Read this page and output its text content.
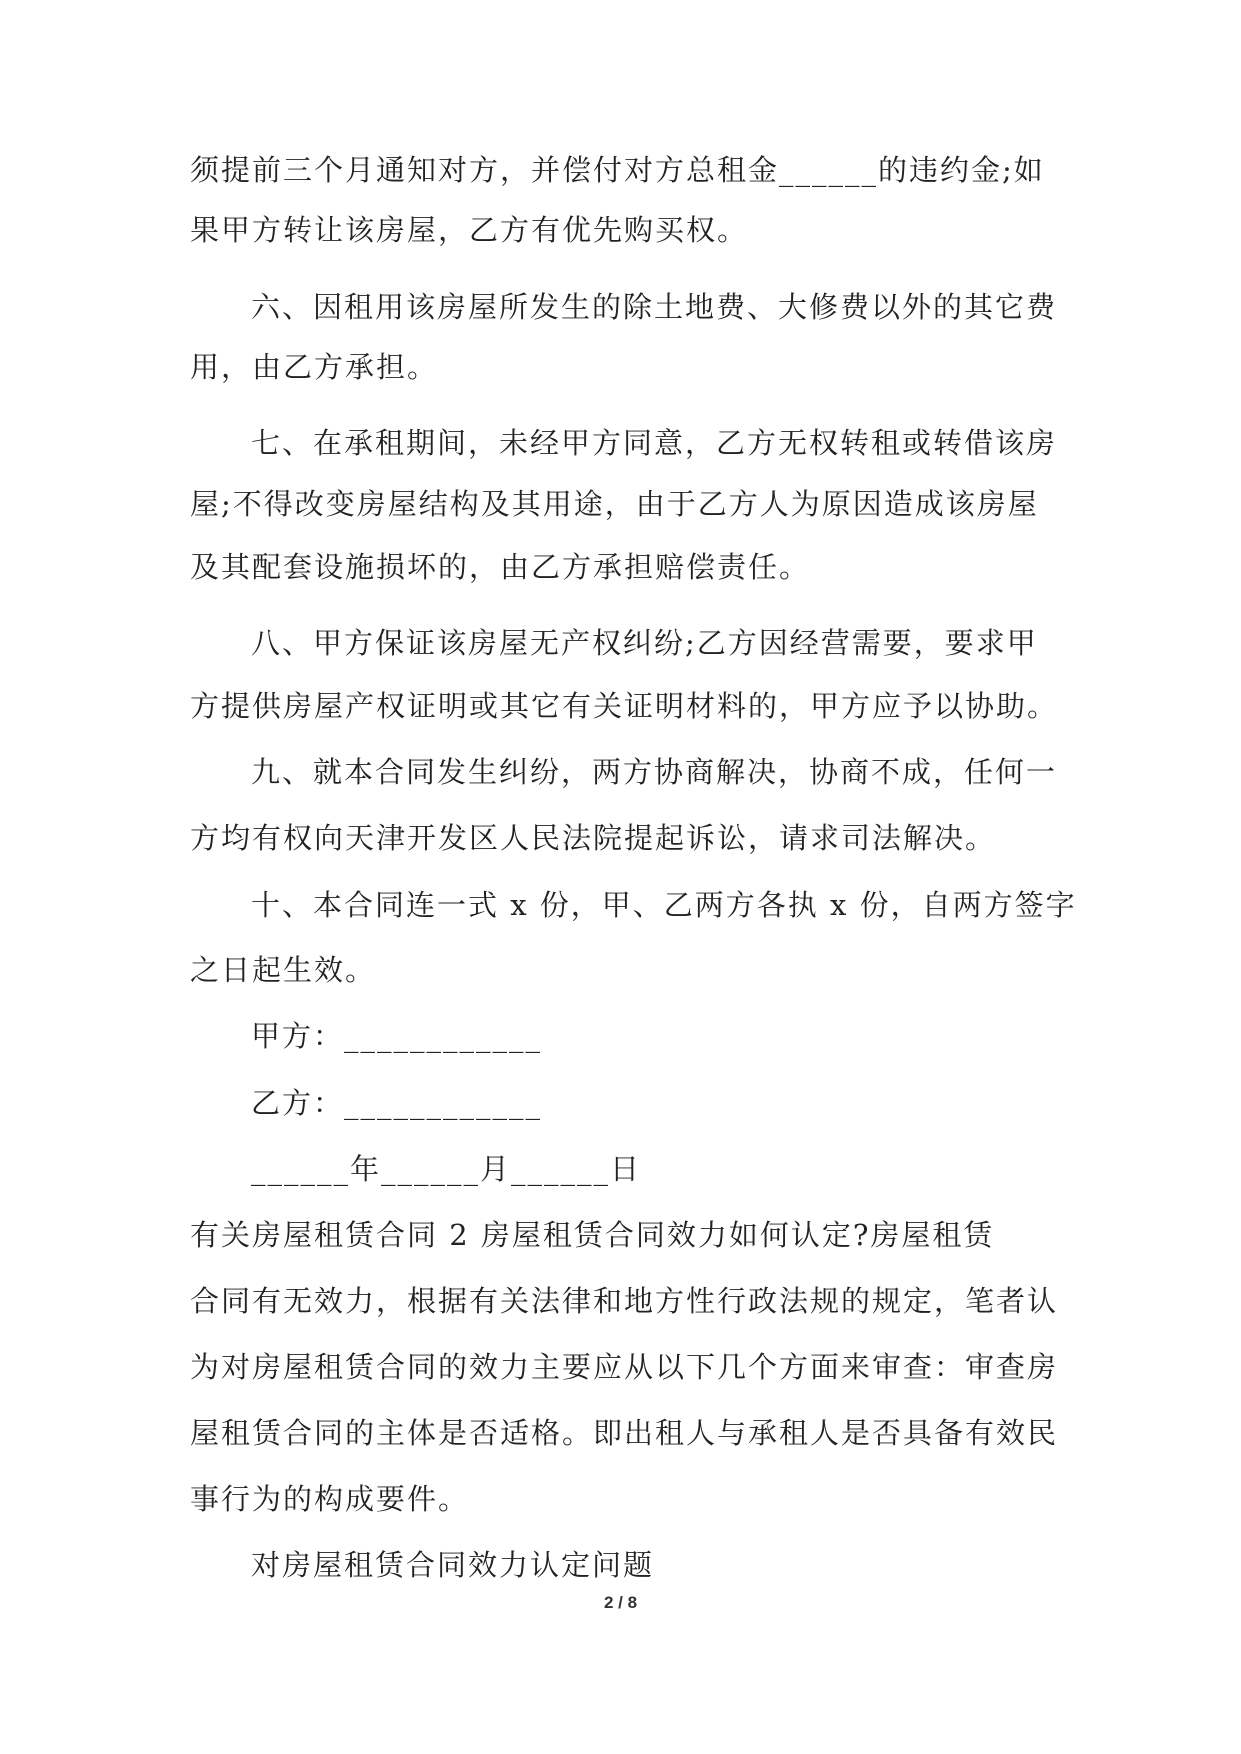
须提前三个月通知对方，并偿付对方总租金______的违约金;如
果甲方转让该房屋，乙方有优先购买权。
六、因租用该房屋所发生的除土地费、大修费以外的其它费
用，由乙方承担。
七、在承租期间，未经甲方同意，乙方无权转租或转借该房
屋;不得改变房屋结构及其用途，由于乙方人为原因造成该房屋
及其配套设施损坏的，由乙方承担赔偿责任。
八、甲方保证该房屋无产权纠纷;乙方因经营需要，要求甲
方提供房屋产权证明或其它有关证明材料的，甲方应予以协助。
九、就本合同发生纠纷，两方协商解决，协商不成，任何一
方均有权向天津开发区人民法院提起诉讼，请求司法解决。
十、本合同连一式 x 份，甲、乙两方各执 x 份，自两方签字
之日起生效。
甲方：____________
乙方：____________
______年______月______日
有关房屋租赁合同 2 房屋租赁合同效力如何认定?房屋租赁
合同有无效力，根据有关法律和地方性行政法规的规定，笔者认
为对房屋租赁合同的效力主要应从以下几个方面来审查：审查房
屋租赁合同的主体是否适格。即出租人与承租人是否具备有效民
事行为的构成要件。
对房屋租赁合同效力认定问题
2 / 8
